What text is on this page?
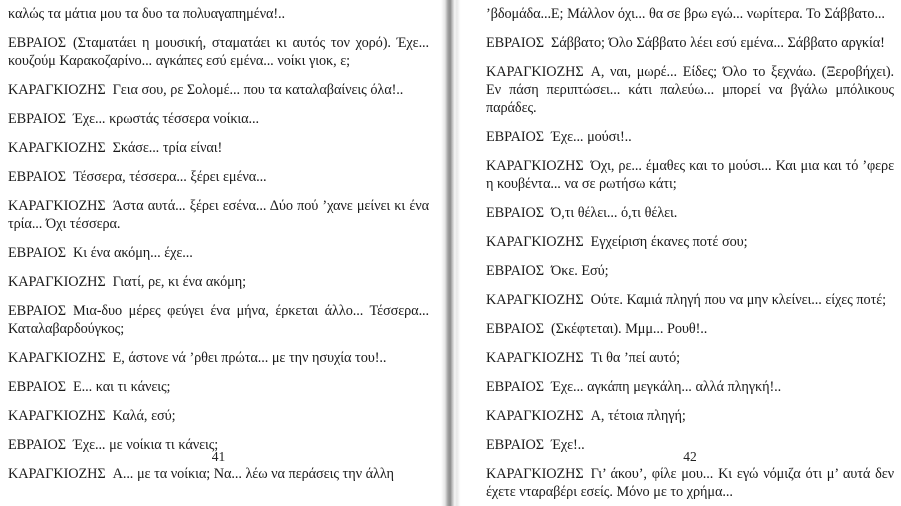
καλώς τα μάτια μου τα δυο τα πολυαγαπημένα!..

ΕΒΡΑΙΟΣ (Σταματάει η μουσική, σταματάει κι αυτός τον χορό). Έχε... κουζούμ Καρακοζαρίνο... αγκάπες εσύ εμένα... νοίκι γιοκ, ε;

ΚΑΡΑΓΚΙΟΖΗΣ Γεια σου, ρε Σολομέ... που τα καταλαβαίνεις όλα!..

ΕΒΡΑΙΟΣ Έχε... κρωστάς τέσσερα νοίκια...

ΚΑΡΑΓΚΙΟΖΗΣ Σκάσε... τρία είναι!

ΕΒΡΑΙΟΣ Τέσσερα, τέσσερα... ξέρει εμένα...

ΚΑΡΑΓΚΙΟΖΗΣ Άστα αυτά... ξέρει εσένα... Δύο πού ’χανε μείνει κι ένα τρία... Όχι τέσσερα.

ΕΒΡΑΙΟΣ Κι ένα ακόμη... έχε...

ΚΑΡΑΓΚΙΟΖΗΣ Γιατί, ρε, κι ένα ακόμη;

ΕΒΡΑΙΟΣ Μια-δυο μέρες φεύγει ένα μήνα, έρκεται άλλο... Τέσσερα... Καταλαβαρδούγκος;

ΚΑΡΑΓΚΙΟΖΗΣ Ε, άστονε νά ’ρθει πρώτα... με την ησυχία του!..

ΕΒΡΑΙΟΣ Ε... και τι κάνεις;

ΚΑΡΑΓΚΙΟΖΗΣ Καλά, εσύ;

ΕΒΡΑΙΟΣ Έχε... με νοίκια τι κάνεις;

ΚΑΡΑΓΚΙΟΖΗΣ Α... με τα νοίκια; Να... λέω να περάσεις την άλλη

41

’βδομάδα...Ε; Μάλλον όχι... θα σε βρω εγώ... νωρίτερα. Το Σάββατο...

ΕΒΡΑΙΟΣ Σάββατο; Όλο Σάββατο λέει εσύ εμένα... Σάββατο αργκία!

ΚΑΡΑΓΚΙΟΖΗΣ Α, ναι, μωρέ... Είδες; Όλο το ξεχνάω. (Ξεροβήχει). Εν πάση περιπτώσει... κάτι παλεύω... μπορεί να βγάλω μπόλικους παράδες.

ΕΒΡΑΙΟΣ Έχε... μούσι!..

ΚΑΡΑΓΚΙΟΖΗΣ Όχι, ρε... έμαθες και το μούσι... Και μια και τό ’φερε η κουβέντα... να σε ρωτήσω κάτι;

ΕΒΡΑΙΟΣ Ό,τι θέλει... ό,τι θέλει.

ΚΑΡΑΓΚΙΟΖΗΣ Εγχείριση έκανες ποτέ σου;

ΕΒΡΑΙΟΣ Όκε. Εσύ;

ΚΑΡΑΓΚΙΟΖΗΣ Ούτε. Καμιά πληγή που να μην κλείνει... είχες ποτέ;

ΕΒΡΑΙΟΣ (Σκέφτεται). Μμμ... Ρουθ!..

ΚΑΡΑΓΚΙΟΖΗΣ Τι θα ’πεί αυτό;

ΕΒΡΑΙΟΣ Έχε... αγκάπη μεγκάλη... αλλά πληγκή!..

ΚΑΡΑΓΚΙΟΖΗΣ Α, τέτοια πληγή;

ΕΒΡΑΙΟΣ Έχε!..

ΚΑΡΑΓΚΙΟΖΗΣ Γι’ άκου’, φίλε μου... Κι εγώ νόμιζα ότι μ’ αυτά δεν έχετε νταραβέρι εσείς. Μόνο με το χρήμα...

42
